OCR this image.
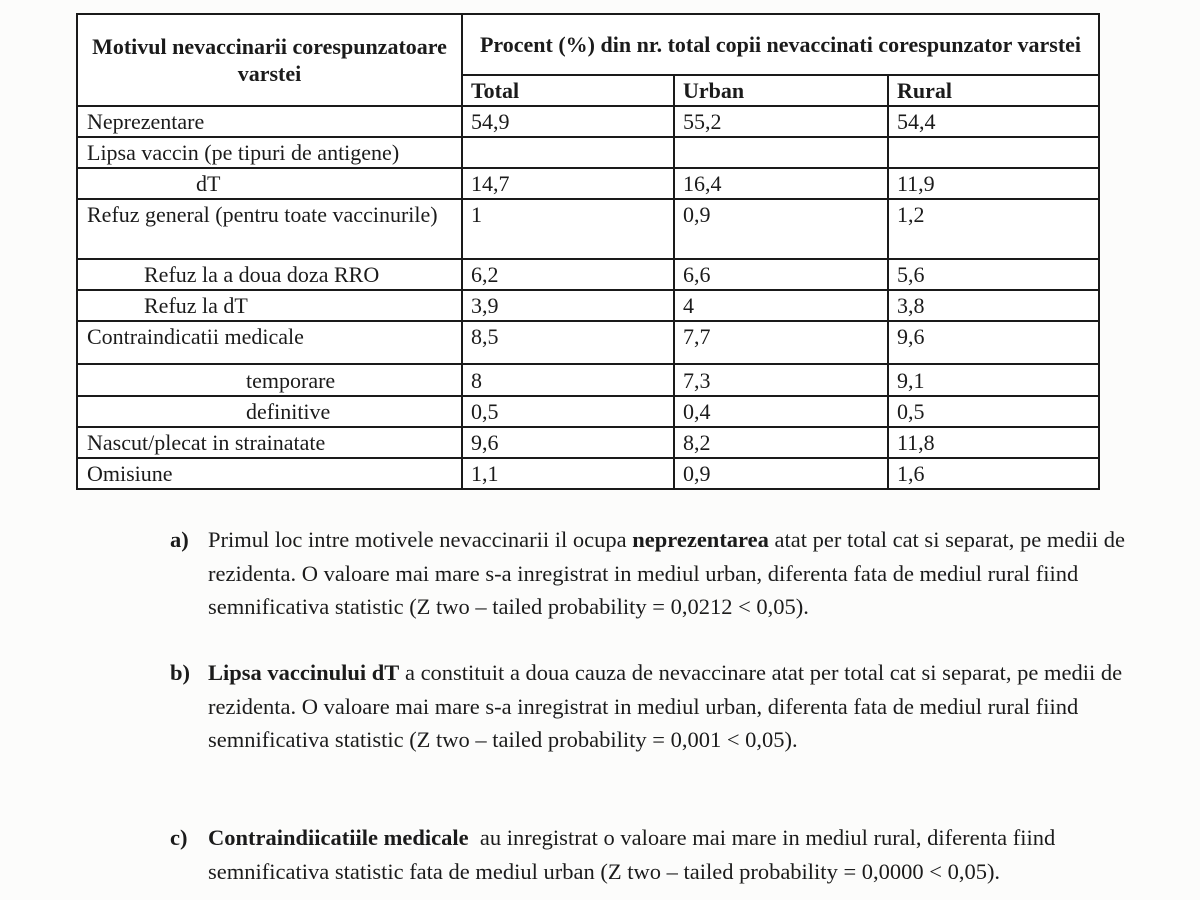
Motivul nevaccinarii corespunzatoare varstei	Procent (%) din nr. total copii nevaccinati corespunzator varstei		
	Total	Urban	Rural
Neprezentare	54,9	55,2	54,4
Lipsa vaccin (pe tipuri de antigene)			
dT	14,7	16,4	11,9
Refuz general (pentru toate vaccinurile)	1	0,9	1,2
Refuz la a doua doza RRO	6,2	6,6	5,6
Refuz la dT	3,9	4	3,8
Contraindicatii medicale	8,5	7,7	9,6
temporare	8	7,3	9,1
definitive	0,5	0,4	0,5
Nascut/plecat in strainatate	9,6	8,2	11,8
Omisiune	1,1	0,9	1,6
a) Primul loc intre motivele nevaccinarii il ocupa neprezentarea atat per total cat si separat, pe medii de rezidenta. O valoare mai mare s-a inregistrat in mediul urban, diferenta fata de mediul rural fiind semnificativa statistic (Z two – tailed probability = 0,0212 < 0,05).
b) Lipsa vaccinului dT a constituit a doua cauza de nevaccinare atat per total cat si separat, pe medii de rezidenta. O valoare mai mare s-a inregistrat in mediul urban, diferenta fata de mediul rural fiind semnificativa statistic (Z two – tailed probability = 0,001 < 0,05).
c) Contraindiicatiile medicale  au inregistrat o valoare mai mare in mediul rural, diferenta fiind semnificativa statistic fata de mediul urban (Z two – tailed probability = 0,0000 < 0,05).
